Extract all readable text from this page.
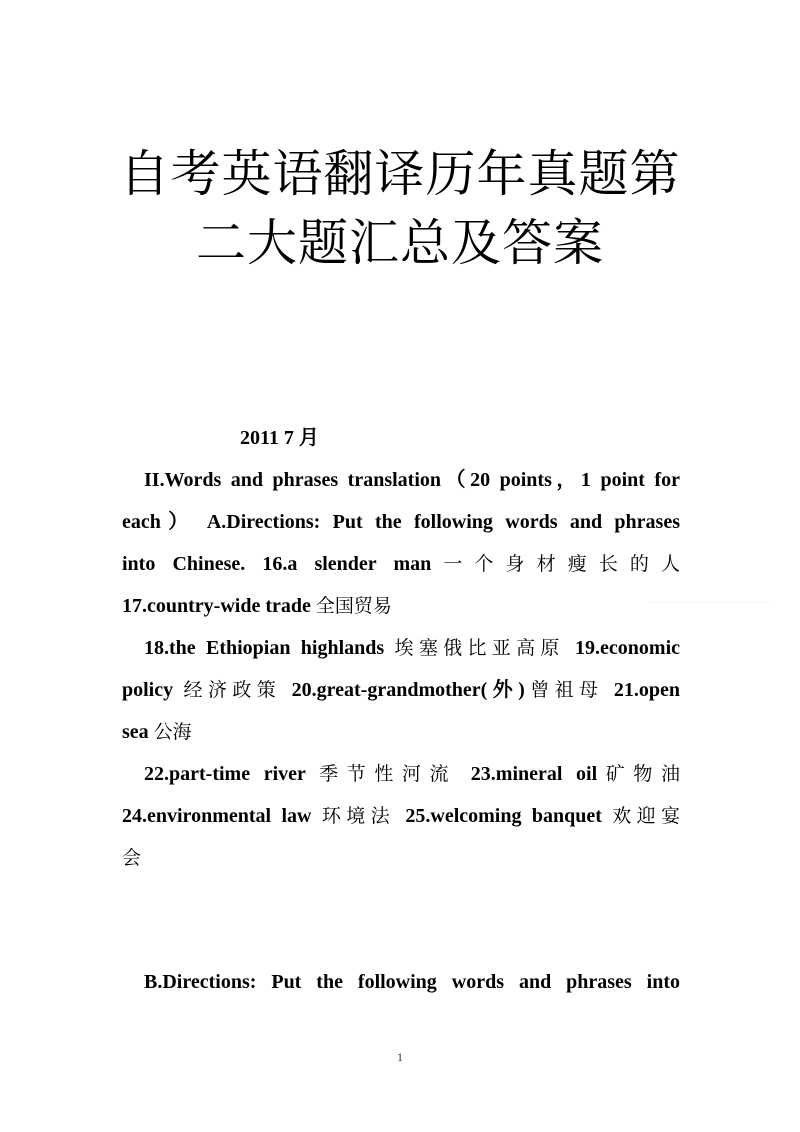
自考英语翻译历年真题第
二大题汇总及答案
2011 7 月
II.Words and phrases translation（20 points，1 point for
each） A.Directions: Put the following words and phrases
into Chinese. 16.a slender man一个身材瘦长的人
17.country-wide trade 全国贸易
18.the Ethiopian highlands 埃塞俄比亚高原 19.economic
policy 经济政策 20.great-grandmother(外)曾祖母 21.open
sea 公海
22.part-time river 季节性河流 23.mineral oil矿物油
24.environmental law 环境法 25.welcoming banquet 欢迎宴
会
B.Directions: Put the following words and phrases into
1
